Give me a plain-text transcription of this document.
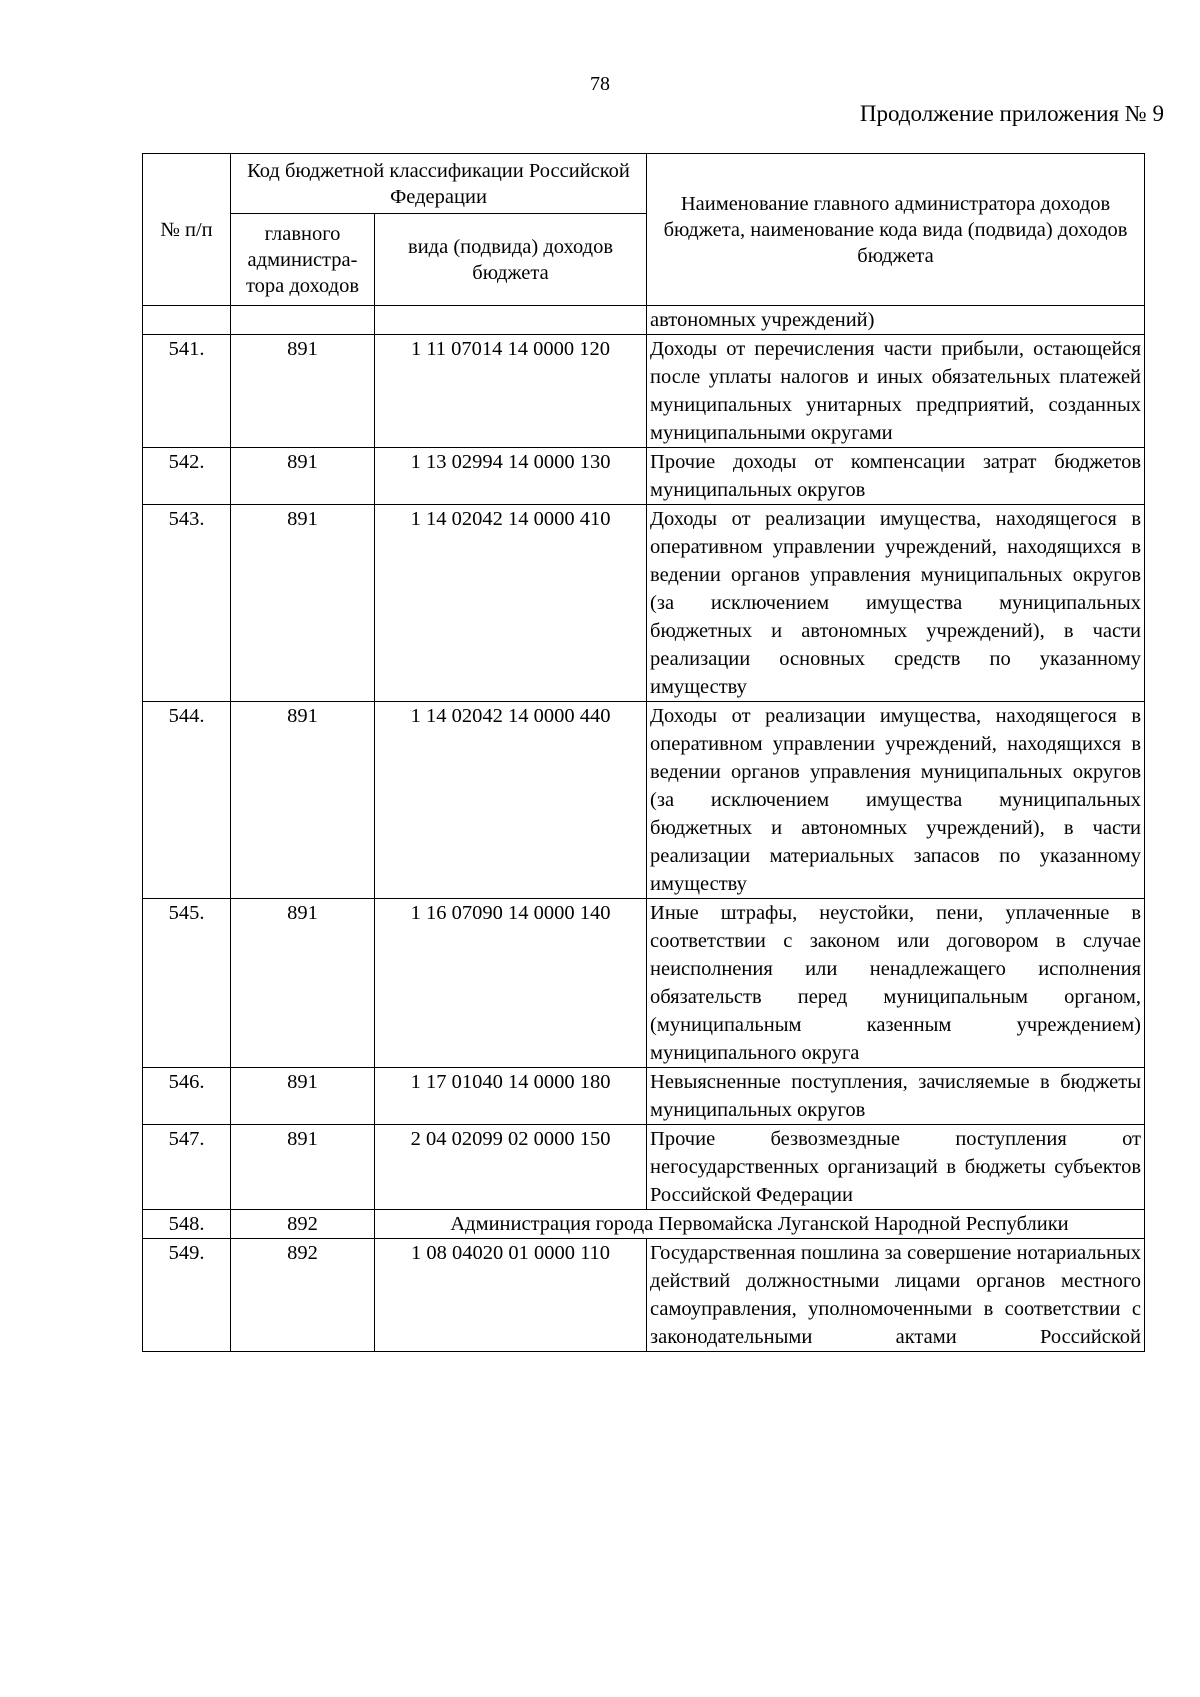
78
Продолжение приложения № 9
№ п/п	Код бюджетной классификации Российской Федерации		Наименование главного администратора доходов бюджета, наименование кода вида (подвида) доходов бюджета
	главного администра-тора доходов	вида (подвида) доходов бюджета	
			автономных учреждений)
541.	891	1 11 07014 14 0000 120	Доходы от перечисления части прибыли, остающейся после уплаты налогов и иных обязательных платежей муниципальных унитарных предприятий, созданных муниципальными округами
542.	891	1 13 02994 14 0000 130	Прочие доходы от компенсации затрат бюджетов муниципальных округов
543.	891	1 14 02042 14 0000 410	Доходы от реализации имущества, находящегося в оперативном управлении учреждений, находящихся в ведении органов управления муниципальных округов (за исключением имущества муниципальных бюджетных и автономных учреждений), в части реализации основных средств по указанному имуществу
544.	891	1 14 02042 14 0000 440	Доходы от реализации имущества, находящегося в оперативном управлении учреждений, находящихся в ведении органов управления муниципальных округов (за исключением имущества муниципальных бюджетных и автономных учреждений), в части реализации материальных запасов по указанному имуществу
545.	891	1 16 07090 14 0000 140	Иные штрафы, неустойки, пени, уплаченные в соответствии с законом или договором в случае неисполнения или ненадлежащего исполнения обязательств перед муниципальным органом, (муниципальным казенным учреждением) муниципального округа
546.	891	1 17 01040 14 0000 180	Невыясненные поступления, зачисляемые в бюджеты муниципальных округов
547.	891	2 04 02099 02 0000 150	Прочие безвозмездные поступления от негосударственных организаций в бюджеты субъектов Российской Федерации
548.	892	Администрация города Первомайска Луганской Народной Республики	
549.	892	1 08 04020 01 0000 110	Государственная пошлина за совершение нотариальных действий должностными лицами органов местного самоуправления, уполномоченными в соответствии с законодательными актами Российской
